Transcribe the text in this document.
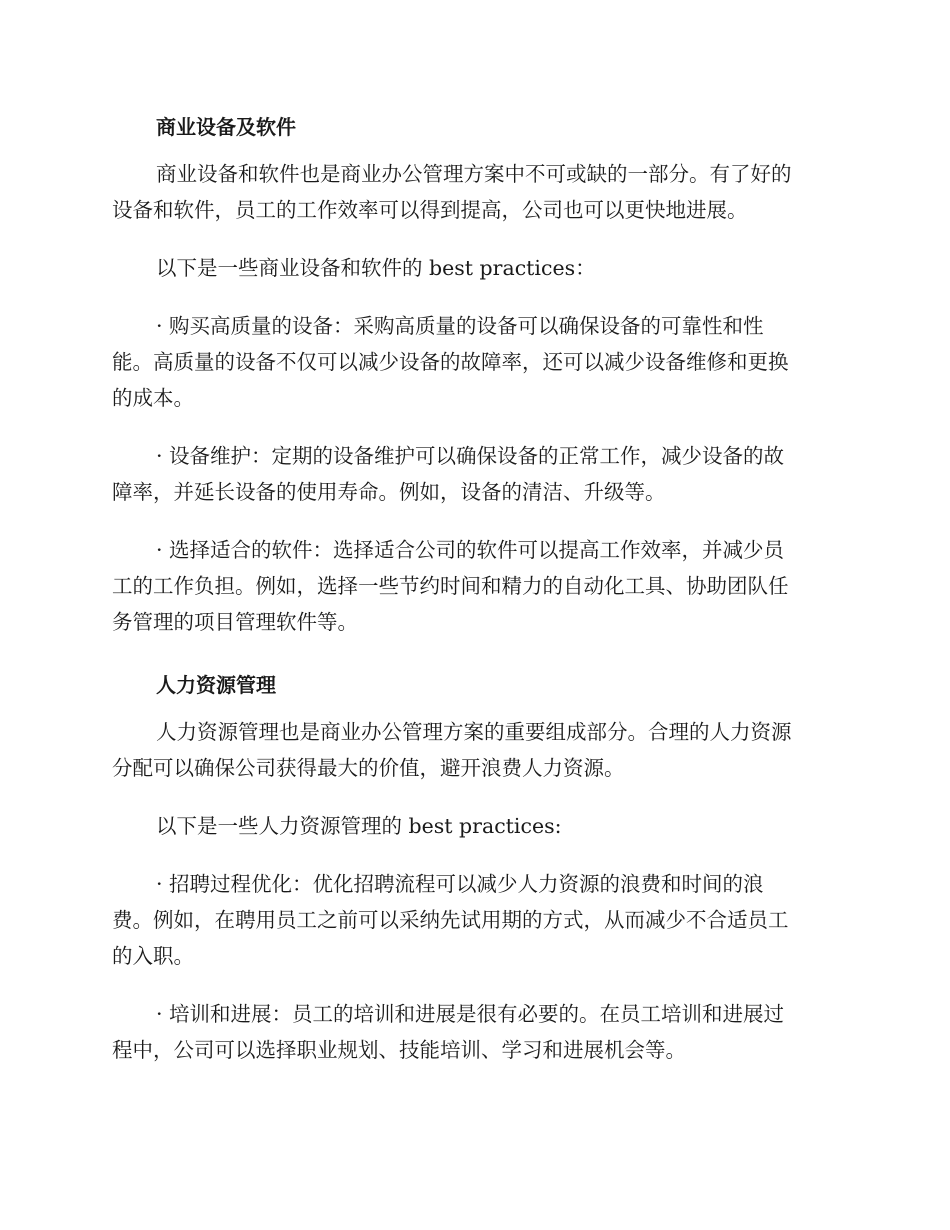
商业设备及软件
商业设备和软件也是商业办公管理方案中不可或缺的一部分。有了好的
设备和软件，员工的工作效率可以得到提高，公司也可以更快地进展。
以下是一些商业设备和软件的 best practices：
· 购买高质量的设备：采购高质量的设备可以确保设备的可靠性和性
能。高质量的设备不仅可以减少设备的故障率，还可以减少设备维修和更换
的成本。
· 设备维护：定期的设备维护可以确保设备的正常工作，减少设备的故
障率，并延长设备的使用寿命。例如，设备的清洁、升级等。
· 选择适合的软件：选择适合公司的软件可以提高工作效率，并减少员
工的工作负担。例如，选择一些节约时间和精力的自动化工具、协助团队任
务管理的项目管理软件等。
人力资源管理
人力资源管理也是商业办公管理方案的重要组成部分。合理的人力资源
分配可以确保公司获得最大的价值，避开浪费人力资源。
以下是一些人力资源管理的 best practices:
· 招聘过程优化：优化招聘流程可以减少人力资源的浪费和时间的浪
费。例如，在聘用员工之前可以采纳先试用期的方式，从而减少不合适员工
的入职。
· 培训和进展：员工的培训和进展是很有必要的。在员工培训和进展过
程中，公司可以选择职业规划、技能培训、学习和进展机会等。
